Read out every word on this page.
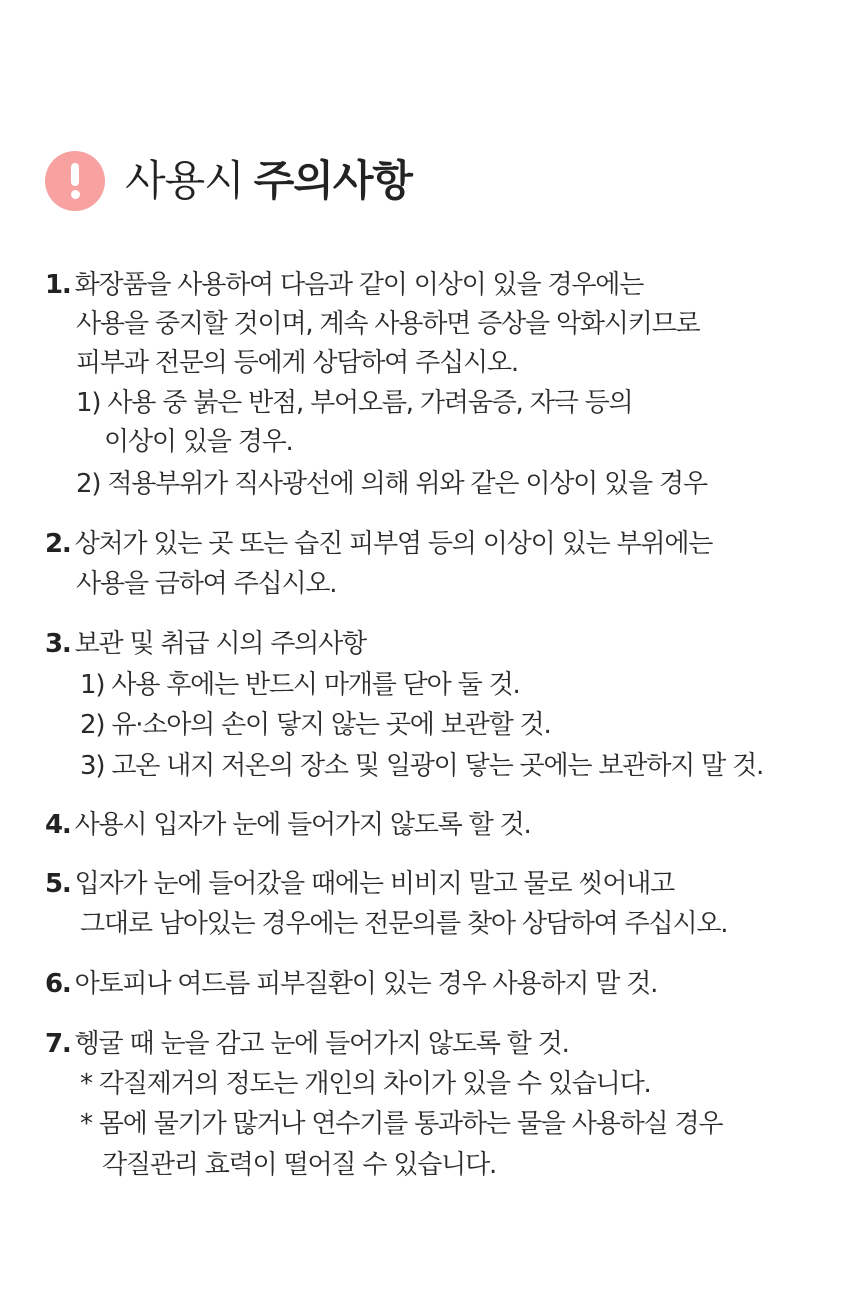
사용시 주의사항
1. 화장품을 사용하여 다음과 같이 이상이 있을 경우에는
사용을 중지할 것이며, 계속 사용하면 증상을 악화시키므로
피부과 전문의 등에게 상담하여 주십시오.
1) 사용 중 붉은 반점, 부어오름, 가려움증, 자극 등의
이상이 있을 경우.
2) 적용부위가 직사광선에 의해 위와 같은 이상이 있을 경우
2. 상처가 있는 곳 또는 습진 피부염 등의 이상이 있는 부위에는
사용을 금하여 주십시오.
3. 보관 및 취급 시의 주의사항
1) 사용 후에는 반드시 마개를 닫아 둘 것.
2) 유·소아의 손이 닿지 않는 곳에 보관할 것.
3) 고온 내지 저온의 장소 및 일광이 닿는 곳에는 보관하지 말 것.
4. 사용시 입자가 눈에 들어가지 않도록 할 것.
5. 입자가 눈에 들어갔을 때에는 비비지 말고 물로 씻어내고
그대로 남아있는 경우에는 전문의를 찾아 상담하여 주십시오.
6. 아토피나 여드름 피부질환이 있는 경우 사용하지 말 것.
7. 헹굴 때 눈을 감고 눈에 들어가지 않도록 할 것.
* 각질제거의 정도는 개인의 차이가 있을 수 있습니다.
* 몸에 물기가 많거나 연수기를 통과하는 물을 사용하실 경우
각질관리 효력이 떨어질 수 있습니다.
